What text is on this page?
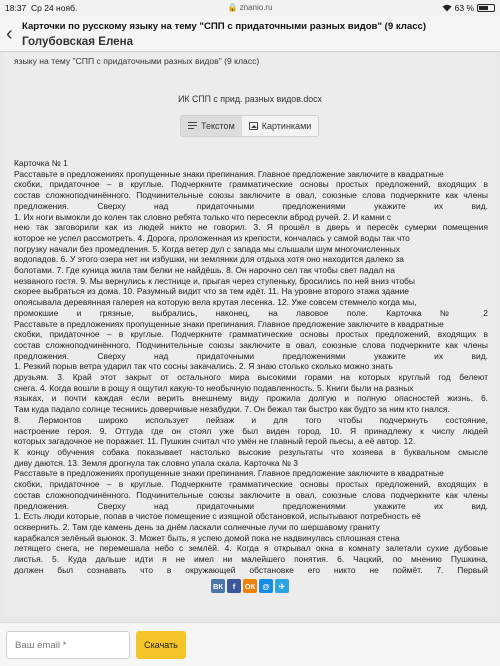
18:37 Ср 24 нояб.	🔒 znanio.ru	63 %
‹ Карточки по русскому языку на тему "СПП с придаточными разных видов" (9 класс)
Голубовская Елена
языку на тему "СПП с придаточными разных видов" (9 класс)
ИК СПП с прид. разных видов.docx
Текстом	Картинками

Карточка № 1

Расставьте в предложениях пропущенные знаки препинания. Главное предложение заключите в квадратные

скобки, придаточное – в круглые. Подчеркните грамматические основы простых предложений, входящих в

состав сложноподчинённого. Подчинительные союзы заключите в овал, союзные слова подчеркните как члены

предложения. Сверху над придаточными предложениями укажите их вид.

1. Их ноги вымокли до колен так словно ребята только что пересекли вброд ручей. 2. И камни с

нею так заговорили как из людей никто не говорил. 3. Я прошёл в дверь и пересёк сумерки помещения

которое не успел рассмотреть. 4. Дорога, проложенная из крепости, кончалась у самой воды так что

погрузку начали без промедления. 5. Когда ветер дул с запада мы слышали шум многочисленных

водопадов. 6. У этого озера нет ни избушки, ни землянки для отдыха хотя оно находится далеко за

болотами. 7. Где куница жила там белки не найдёшь. 8. Он нарочно сел так чтобы свет падал на

незваного гостя. 9. Мы вернулись к лестнице и, прыгая через ступеньку, бросились по ней вниз чтобы

скорее выбраться из дома. 10. Разумный видит что за тем идёт. 11. На уровне второго этажа здание

опоясывала деревянная галерея на которую вела крутая лесенка. 12. Уже совсем стемнело когда мы,

промокшие и грязные, выбрались, наконец, на лавовое поле. Карточка № 2

Расставьте в предложениях пропущенные знаки препинания. Главное предложение заключите в квадратные

скобки, придаточное – в круглые. Подчеркните грамматические основы простых предложений, входящих в

состав сложноподчинённого. Подчинительные союзы заключите в овал, союзные слова подчеркните как члены

предложения. Сверху над придаточными предложениями укажите их вид.

1. Резкий порыв ветра ударил так что сосны закачались. 2. Я знаю столько сколько можно знать

друзьям. 3. Край этот закрыт от остального мира высокими горами на которых круглый год белеют

снега. 4. Когда вошли в рощу я ощутил какую-то необычную подавленность. 5. Книги были на разных

языках, и почти каждая если верить внешнему виду прожила долгую и полную опасностей жизнь. 6.

Там куда падало солнце тесниись доверчивые незабудки. 7. Он бежал так быстро как будто за ним кто гнался.

8. Лермонтов широко использует пейзаж и для того чтобы подчеркнуть состояние,

настроение героя. 9. Оттуда где он стоял уже был виден город. 10. Я принадлежу к числу людей

которых загадочное не поражает. 11. Пушкин считал что умён не главный герой пьесы, а её автор. 12.

К концу обучения собака показывает настолько высокие результаты что хозяева в буквальном смысле

диву даются. 13. Земля дрогнула так словно упала скала. Карточка № 3

Расставьте в предложениях пропущенные знаки препинания. Главное предложение заключите в квадратные

скобки, придаточное – в круглые. Подчеркните грамматические основы простых предложений, входящих в

состав сложноподчинённого. Подчинительные союзы заключите в овал, союзные слова подчеркните как члены

предложения. Сверху над придаточными предложениями укажите их вид.

1. Есть люди которые, попав в чистое помещение с изящной обстановкой, испытывают потребность её

осквернить. 2. Там где камень день за днём ласкали солнечные лучи по шершавому граниту

карабкался зелёный вьюнок. 3. Может быть, я успею домой пока не надвинулась сплошная стена

летящего снега, не перемешала небо с землёй. 4. Когда я открывал окна в комнату залетали сухие дубовые

листья. 5. Куда дальше идти я не имел ни малейшего понятия. 6. Чацкий, по мнению Пушкина,

должен был сознавать что в окружающей обстановке его никто не поймёт. 7. Первый

ВК f ОК @ ✈
Ваш email *
Скачать
